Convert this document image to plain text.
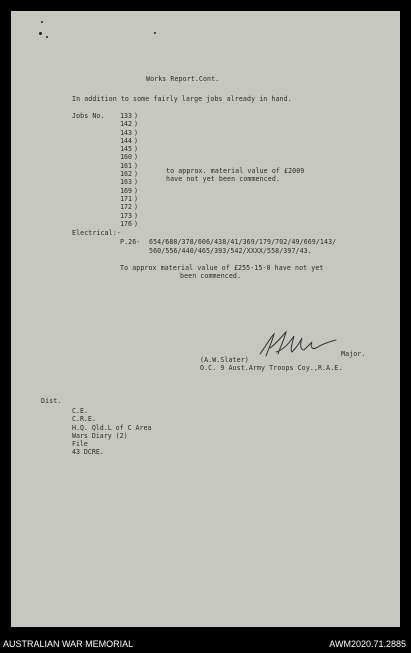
Works Report.Cont.
In addition to some fairly large jobs already in hand.
Jobs No.	133 )
142 )
143 )
144 )
145 )
160 )
161 )
162 )
163 )
169 )
171 )
172 )
173 )
176 )
to approx. material value of £2009
have not yet been commenced.
Electrical:-
P.26- 654/688/378/606/438/41/369/179/702/49/669/143/
560/556/440/465/393/542/XXXX/558/397/43.
To approx material value of £255-15-0 have not yet
been commenced.
(A.W.Slater)
Major.
O.C. 9 Aust.Army Troops Coy.,R.A.E.
Dist.
C.E.
C.R.E.
H.Q. Qld.L of C Area
Wars Diary (2)
File
43 DCRE.
AUSTRALIAN WAR MEMORIAL	AWM2020.71.2885
